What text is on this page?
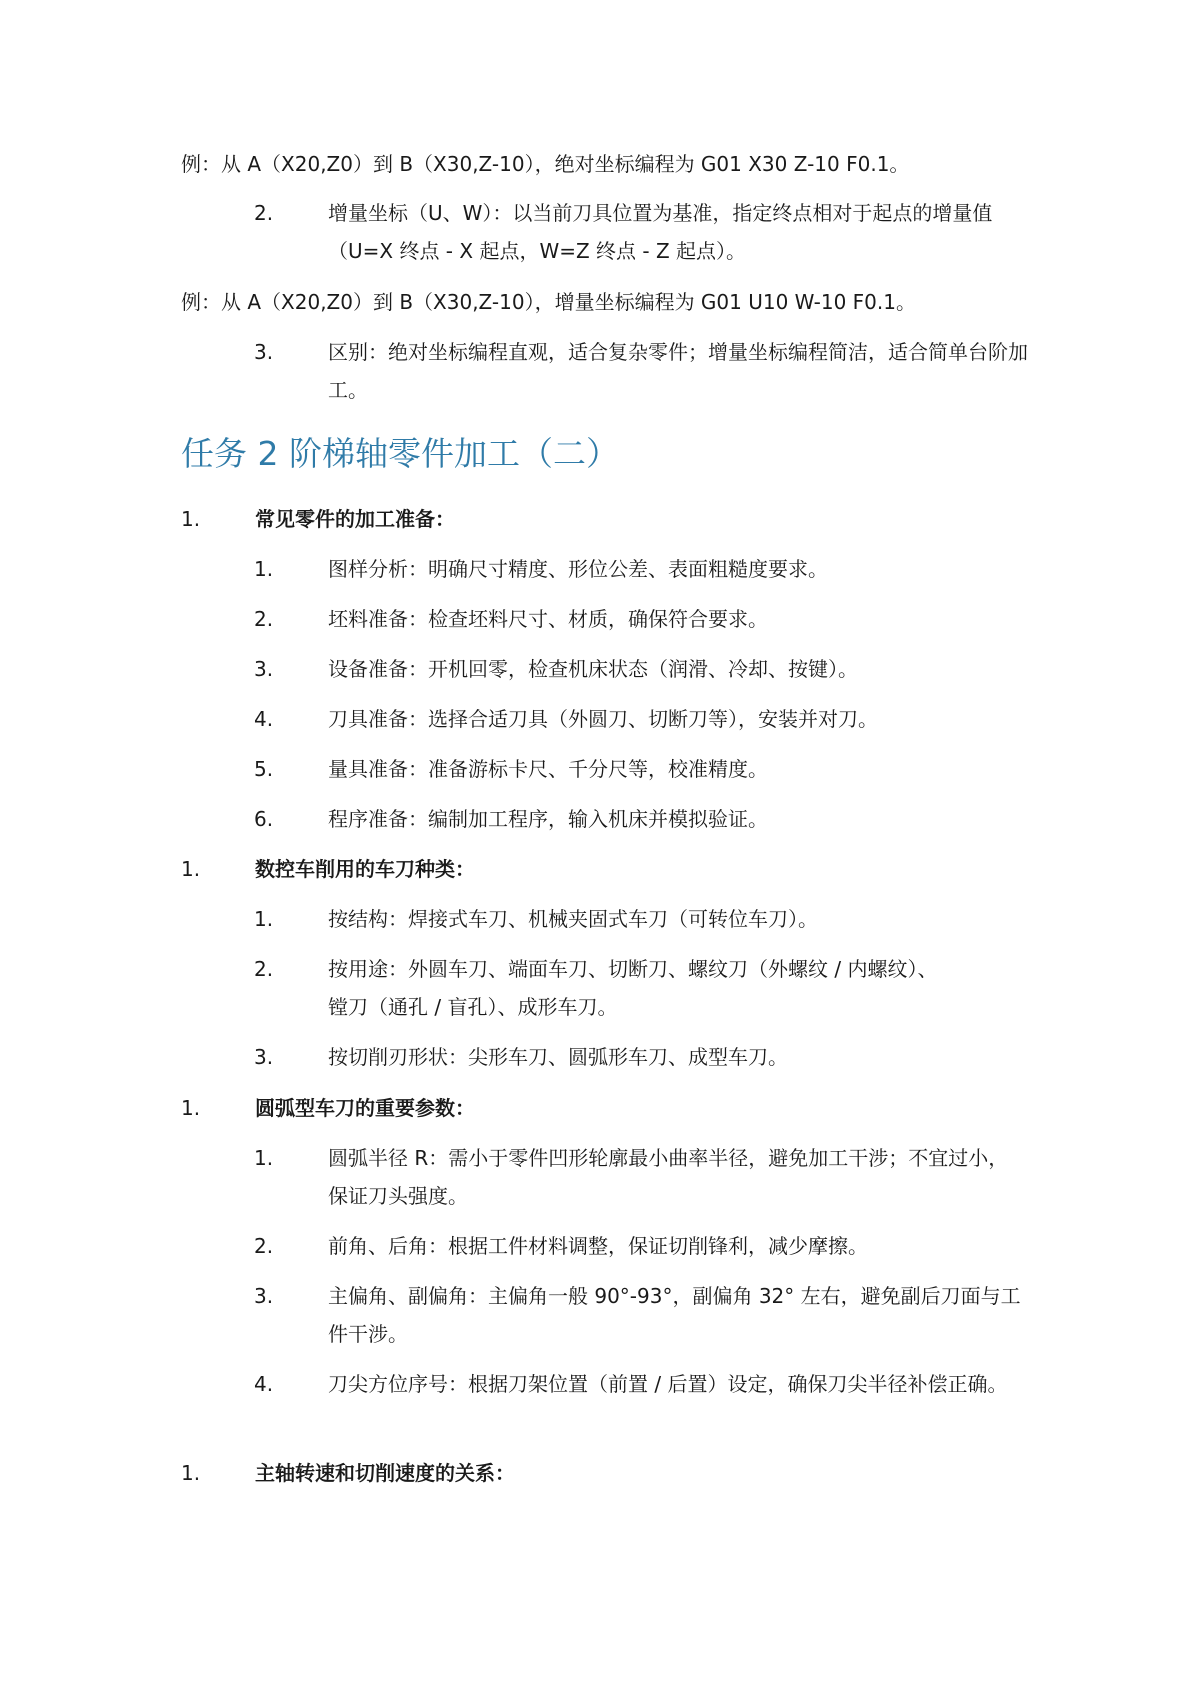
例：从 A（X20,Z0）到 B（X30,Z-10），绝对坐标编程为 G01 X30 Z-10 F0.1。
2.	增量坐标（U、W）：以当前刀具位置为基准，指定终点相对于起点的增量值（U=X 终点 - X 起点，W=Z 终点 - Z 起点）。
例：从 A（X20,Z0）到 B（X30,Z-10），增量坐标编程为 G01 U10 W-10 F0.1。
3.	区别：绝对坐标编程直观，适合复杂零件；增量坐标编程简洁，适合简单台阶加工。
任务 2 阶梯轴零件加工（二）
1.	常见零件的加工准备：
1.	图样分析：明确尺寸精度、形位公差、表面粗糙度要求。
2.	坯料准备：检查坯料尺寸、材质，确保符合要求。
3.	设备准备：开机回零，检查机床状态（润滑、冷却、按键）。
4.	刀具准备：选择合适刀具（外圆刀、切断刀等），安装并对刀。
5.	量具准备：准备游标卡尺、千分尺等，校准精度。
6.	程序准备：编制加工程序，输入机床并模拟验证。
1.	数控车削用的车刀种类：
1.	按结构：焊接式车刀、机械夹固式车刀（可转位车刀）。
2.	按用途：外圆车刀、端面车刀、切断刀、螺纹刀（外螺纹 / 内螺纹）、镗刀（通孔 / 盲孔）、成形车刀。
3.	按切削刃形状：尖形车刀、圆弧形车刀、成型车刀。
1.	圆弧型车刀的重要参数：
1.	圆弧半径 R：需小于零件凹形轮廓最小曲率半径，避免加工干涉；不宜过小，保证刀头强度。
2.	前角、后角：根据工件材料调整，保证切削锋利，减少摩擦。
3.	主偏角、副偏角：主偏角一般 90°-93°，副偏角 32° 左右，避免副后刀面与工件干涉。
4.	刀尖方位序号：根据刀架位置（前置 / 后置）设定，确保刀尖半径补偿正确。
1.	主轴转速和切削速度的关系：
